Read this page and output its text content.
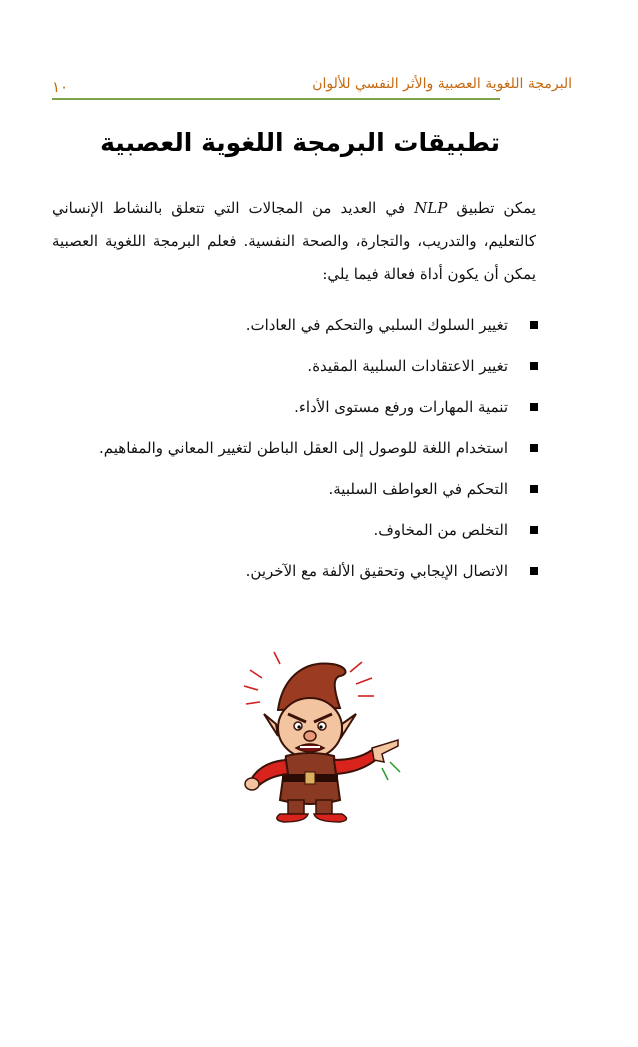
البرمجة اللغوية العصبية والأثر النفسي للألوان
١٠
تطبيقات البرمجة اللغوية العصبية
يمكن تطبيق NLP في العديد من المجالات التي تتعلق بالنشاط الإنساني كالتعليم، والتدريب، والتجارة، والصحة النفسية. فعلم البرمجة اللغوية العصبية يمكن أن يكون أداة فعالة فيما يلي:
تغيير السلوك السلبي والتحكم في العادات.
تغيير الاعتقادات السلبية المقيدة.
تنمية المهارات ورفع مستوى الأداء.
استخدام اللغة للوصول إلى العقل الباطن لتغيير المعاني والمفاهيم.
التحكم في العواطف السلبية.
التخلص من المخاوف.
الاتصال الإيجابي وتحقيق الألفة مع الآخرين.
